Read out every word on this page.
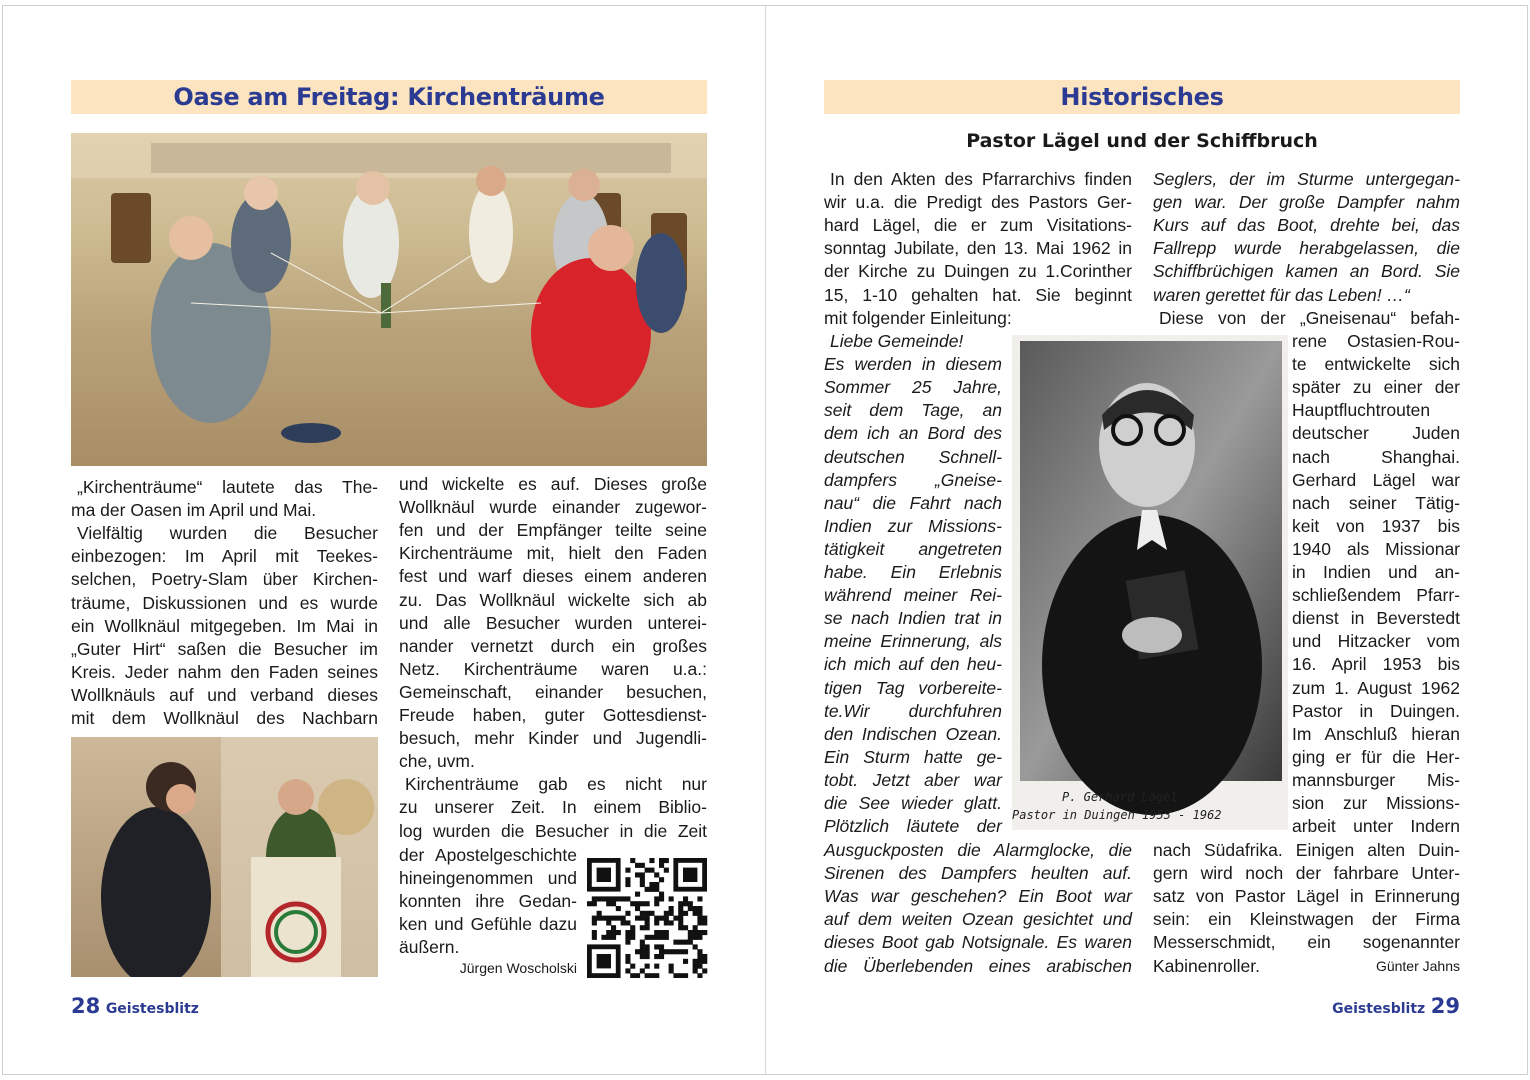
Oase am Freitag: Kirchenträume
Jürgen Woscholski
28 Geistesblitz
Historisches
Pastor Lägel und der Schiffbruch
P. Gerhard Lägel
Pastor in Duingen 1953 - 1962
Günter Jahns
Geistesblitz 29
„Kirchenträume“ lautete das The-
ma der Oasen im April und Mai.
Vielfältig wurden die Besucher
einbezogen: Im April mit Teekes-
selchen, Poetry-Slam über Kirchen-
träume, Diskussionen und es wurde
ein Wollknäul mitgegeben. Im Mai in
„Guter Hirt“ saßen die Besucher im
Kreis. Jeder nahm den Faden seines
Wollknäuls auf und verband dieses
mit dem Wollknäul des Nachbarn
und wickelte es auf. Dieses große
Wollknäul wurde einander zugewor-
fen und der Empfänger teilte seine
Kirchenträume mit, hielt den Faden
fest und warf dieses einem anderen
zu. Das Wollknäul wickelte sich ab
und alle Besucher wurden unterei-
nander vernetzt durch ein großes
Netz. Kirchenträume waren u.a.:
Gemeinschaft, einander besuchen,
Freude haben, guter Gottesdienst-
besuch, mehr Kinder und Jugendli-
che, uvm.
Kirchenträume gab es nicht nur
zu unserer Zeit. In einem Biblio-
log wurden die Besucher in die Zeit
der Apostelgeschichte
hineingenommen und
konnten ihre Gedan-
ken und Gefühle dazu
äußern.
In den Akten des Pfarrarchivs finden
wir u.a. die Predigt des Pastors Ger-
hard Lägel, die er zum Visitations-
sonntag Jubilate, den 13. Mai 1962 in
der Kirche zu Duingen zu 1.Corinther
15, 1-10 gehalten hat. Sie beginnt
mit folgender Einleitung:
Liebe Gemeinde!
Es werden in diesem
Sommer 25 Jahre,
seit dem Tage, an
dem ich an Bord des
deutschen Schnell-
dampfers „Gneise-
nau“ die Fahrt nach
Indien zur Missions-
tätigkeit angetreten
habe. Ein Erlebnis
während meiner Rei-
se nach Indien trat in
meine Erinnerung, als
ich mich auf den heu-
tigen Tag vorbereite-
te.Wir durchfuhren
den Indischen Ozean.
Ein Sturm hatte ge-
tobt. Jetzt aber war
die See wieder glatt.
Plötzlich läutete der
Ausguckposten die Alarmglocke, die
Sirenen des Dampfers heulten auf.
Was war geschehen? Ein Boot war
auf dem weiten Ozean gesichtet und
dieses Boot gab Notsignale. Es waren
die Überlebenden eines arabischen
Seglers, der im Sturme untergegan-
gen war. Der große Dampfer nahm
Kurs auf das Boot, drehte bei, das
Fallrepp wurde herabgelassen, die
Schiffbrüchigen kamen an Bord. Sie
waren gerettet für das Leben! …“
Diese von der „Gneisenau“ befah-
rene Ostasien-Rou-
te entwickelte sich
später zu einer der
Hauptfluchtrouten
deutscher Juden
nach Shanghai.
Gerhard Lägel war
nach seiner Tätig-
keit von 1937 bis
1940 als Missionar
in Indien und an-
schließendem Pfarr-
dienst in Beverstedt
und Hitzacker vom
16. April 1953 bis
zum 1. August 1962
Pastor in Duingen.
Im Anschluß hieran
ging er für die Her-
mannsburger Mis-
sion zur Missions-
arbeit unter Indern
nach Südafrika. Einigen alten Duin-
gern wird noch der fahrbare Unter-
satz von Pastor Lägel in Erinnerung
sein: ein Kleinstwagen der Firma
Messerschmidt, ein sogenannter
Kabinenroller.
